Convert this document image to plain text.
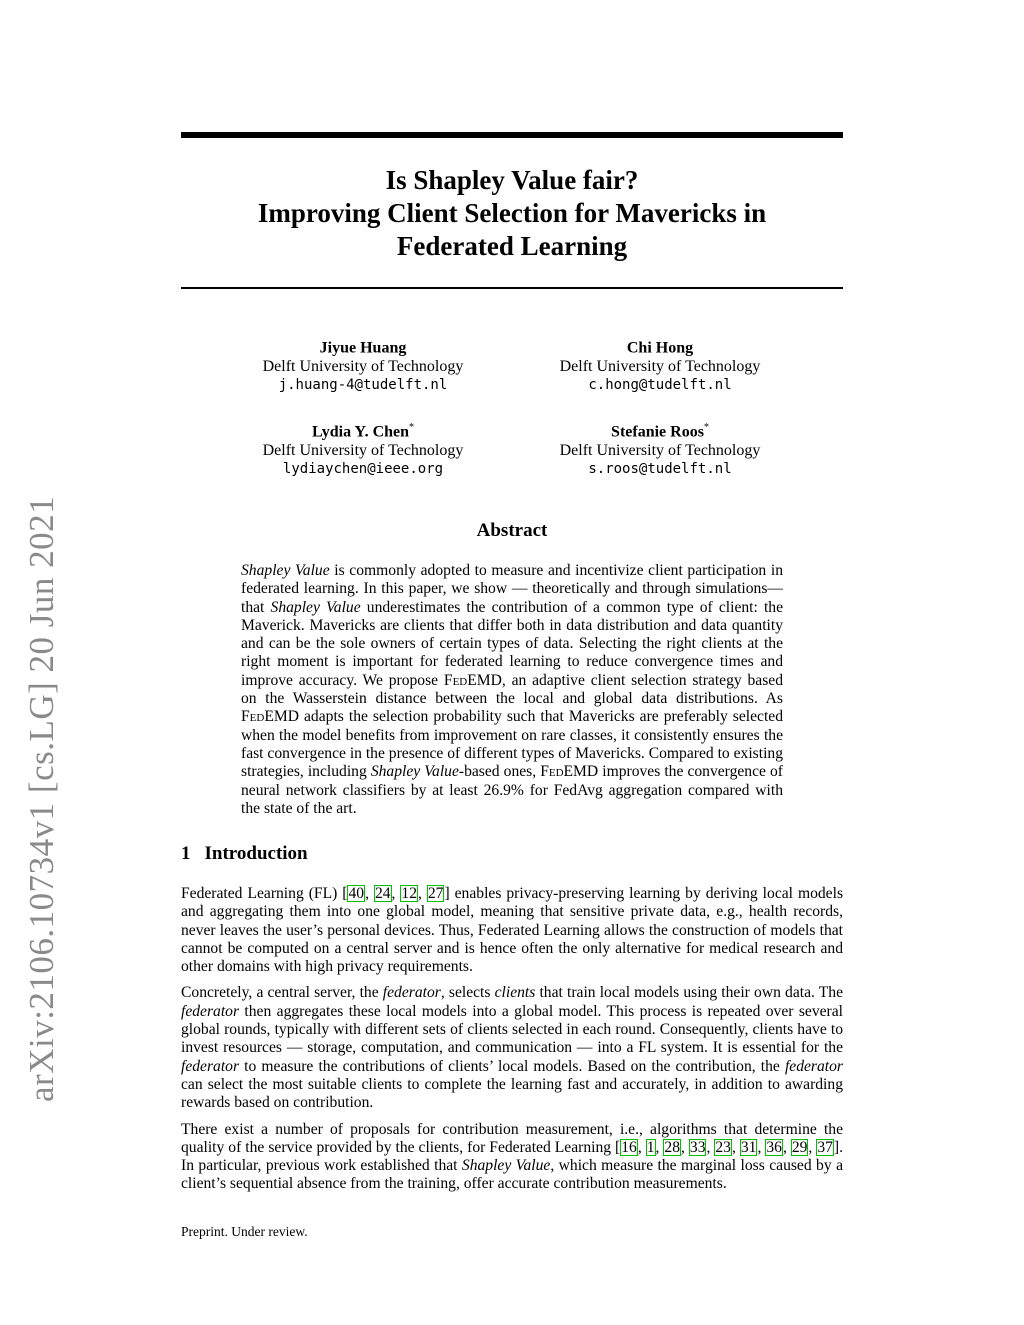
arXiv:2106.10734v1 [cs.LG] 20 Jun 2021
Is Shapley Value fair?
Improving Client Selection for Mavericks in
Federated Learning
Jiyue Huang
Delft University of Technology
j.huang-4@tudelft.nl
Chi Hong
Delft University of Technology
c.hong@tudelft.nl
Lydia Y. Chen*
Delft University of Technology
lydiaychen@ieee.org
Stefanie Roos*
Delft University of Technology
s.roos@tudelft.nl
Abstract
Shapley Value is commonly adopted to measure and incentivize client participation in federated learning. In this paper, we show — theoretically and through simulations— that Shapley Value underestimates the contribution of a common type of client: the Maverick. Mavericks are clients that differ both in data distribution and data quantity and can be the sole owners of certain types of data. Selecting the right clients at the right moment is important for federated learning to reduce convergence times and improve accuracy. We propose FedEMD, an adaptive client selection strategy based on the Wasserstein distance between the local and global data distributions. As FedEMD adapts the selection probability such that Mavericks are preferably selected when the model benefits from improvement on rare classes, it consistently ensures the fast convergence in the presence of different types of Mavericks. Compared to existing strategies, including Shapley Value-based ones, FedEMD improves the convergence of neural network classifiers by at least 26.9% for FedAvg aggregation compared with the state of the art.
1 Introduction

Federated Learning (FL) [40, 24, 12, 27] enables privacy-preserving learning by deriving local models and aggregating them into one global model, meaning that sensitive private data, e.g., health records, never leaves the user’s personal devices. Thus, Federated Learning allows the construction of models that cannot be computed on a central server and is hence often the only alternative for medical research and other domains with high privacy requirements.

Concretely, a central server, the federator, selects clients that train local models using their own data. The federator then aggregates these local models into a global model. This process is repeated over several global rounds, typically with different sets of clients selected in each round. Consequently, clients have to invest resources — storage, computation, and communication — into a FL system. It is essential for the federator to measure the contributions of clients’ local models. Based on the contribution, the federator can select the most suitable clients to complete the learning fast and accurately, in addition to awarding rewards based on contribution.

There exist a number of proposals for contribution measurement, i.e., algorithms that determine the quality of the service provided by the clients, for Federated Learning [16, 1, 28, 33, 23, 31, 36, 29, 37]. In particular, previous work established that Shapley Value, which measure the marginal loss caused by a client’s sequential absence from the training, offer accurate contribution measurements.

Preprint. Under review.
